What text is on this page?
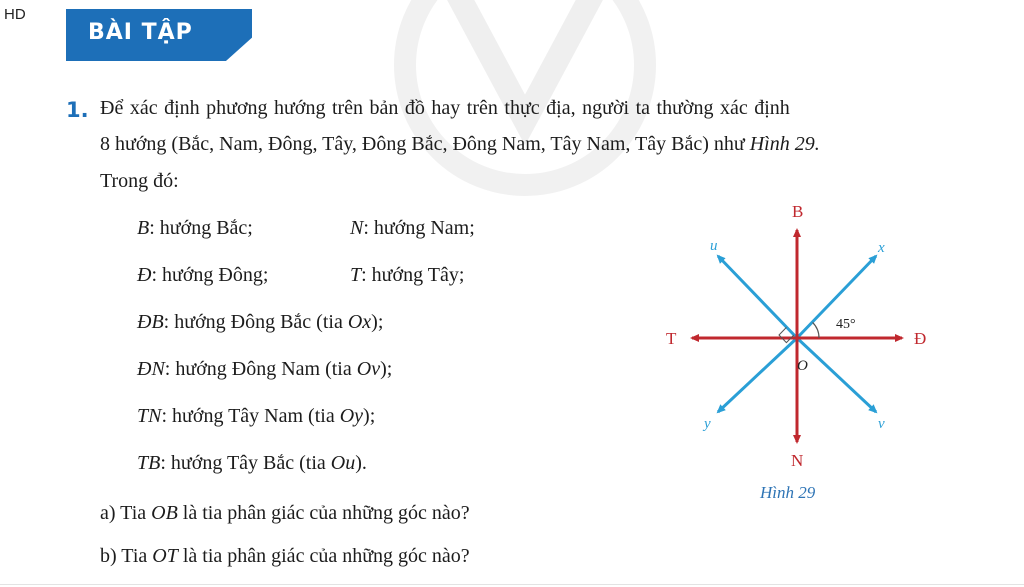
HD
BÀI TẬP
1. Để xác định phương hướng trên bản đồ hay trên thực địa, người ta thường xác định
8 hướng (Bắc, Nam, Đông, Tây, Đông Bắc, Đông Nam, Tây Nam, Tây Bắc) như Hình 29.
Trong đó:
B: hướng Bắc;	N: hướng Nam;
Đ: hướng Đông;	T: hướng Tây;
ĐB: hướng Đông Bắc (tia Ox);
ĐN: hướng Đông Nam (tia Ov);
TN: hướng Tây Nam (tia Oy);
TB: hướng Tây Bắc (tia Ou).
B
N
T	Đ
u	x
y	v
O
45°
Hình 29
a) Tia OB là tia phân giác của những góc nào?
b) Tia OT là tia phân giác của những góc nào?
